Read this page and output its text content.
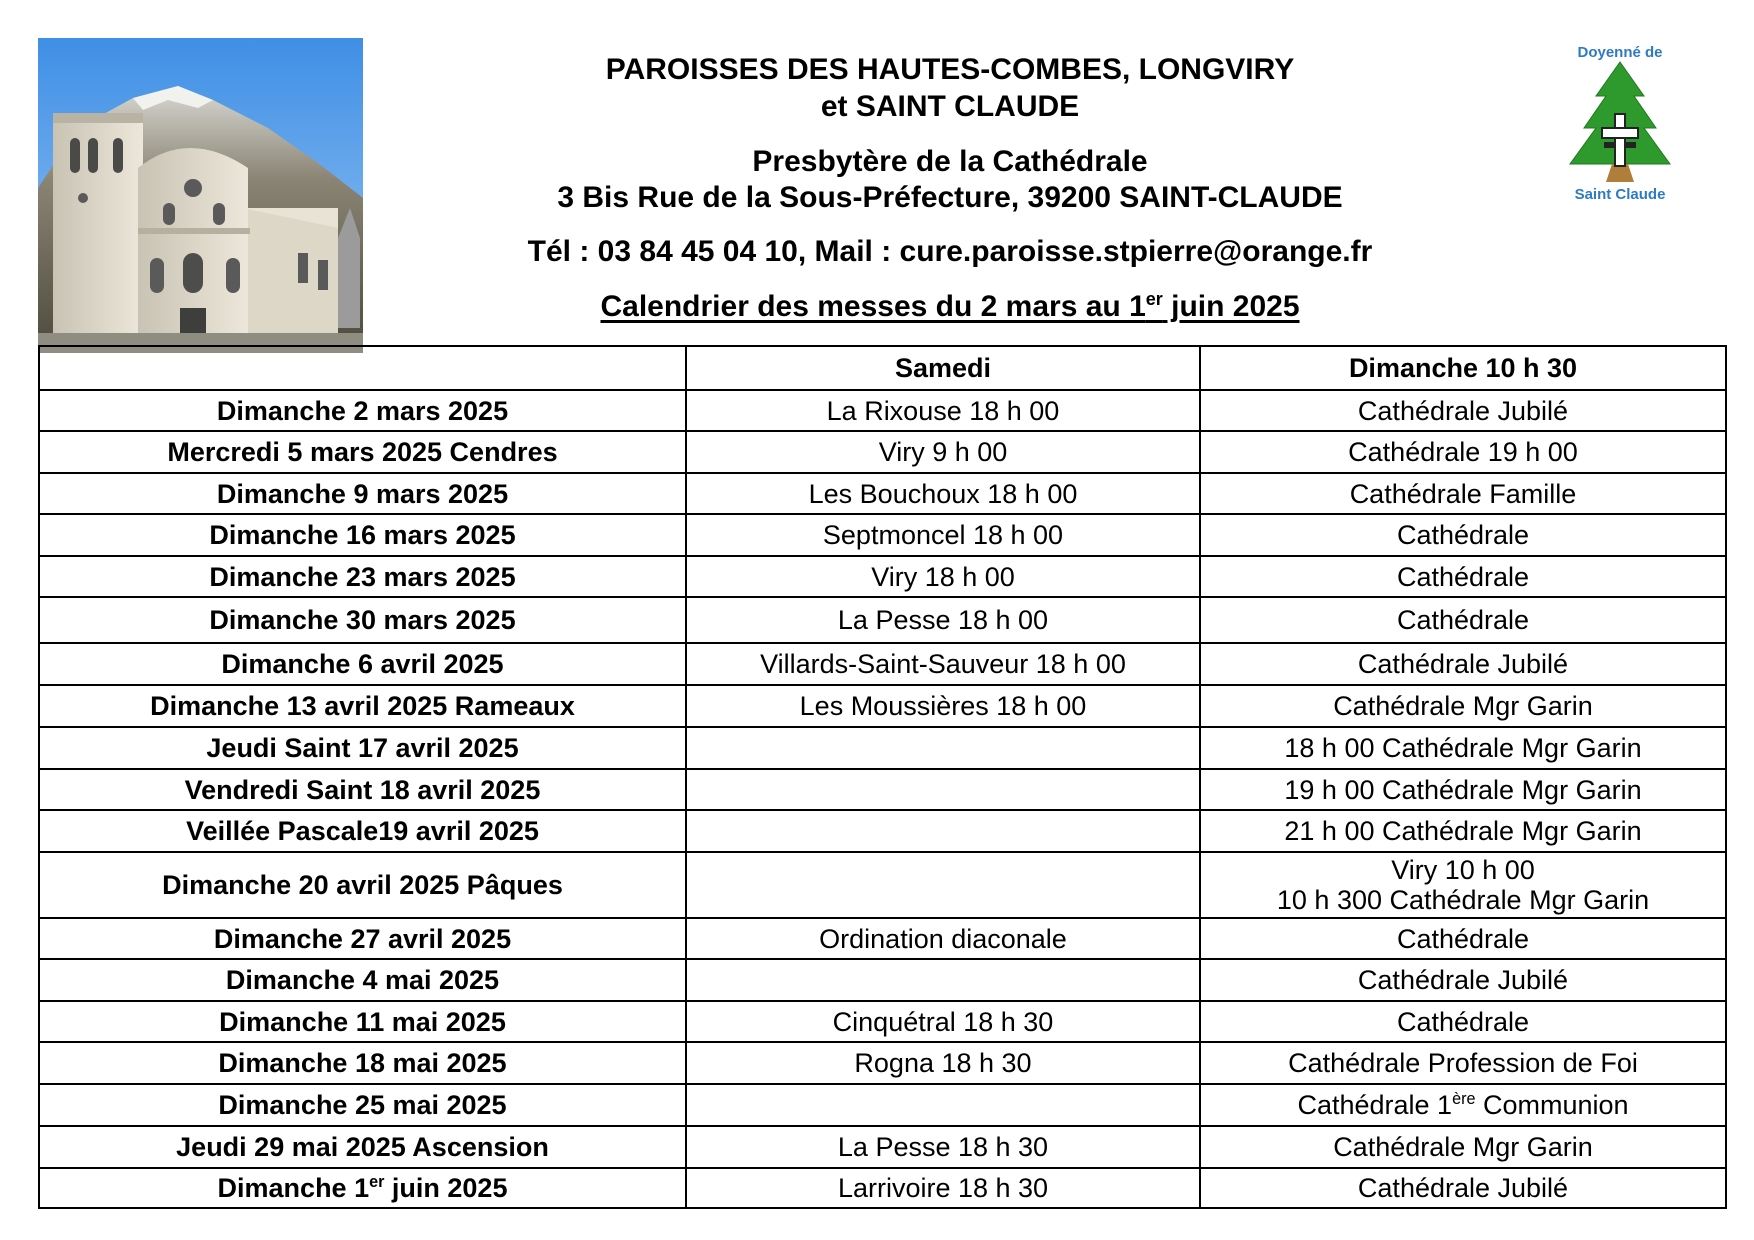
PAROISSES DES HAUTES-COMBES, LONGVIRY
et SAINT CLAUDE
Presbytère de la Cathédrale
3 Bis Rue de la Sous-Préfecture, 39200 SAINT-CLAUDE
Tél : 03 84 45 04 10, Mail : cure.paroisse.stpierre@orange.fr
Calendrier des messes du 2 mars au 1er juin 2025
Doyenné de
Saint Claude
	Samedi	Dimanche 10 h 30
Dimanche 2 mars 2025	La Rixouse 18 h 00	Cathédrale Jubilé
Mercredi 5 mars 2025 Cendres	Viry 9 h 00	Cathédrale 19 h 00
Dimanche 9 mars 2025	Les Bouchoux 18 h 00	Cathédrale Famille
Dimanche 16 mars 2025	Septmoncel 18 h 00	Cathédrale
Dimanche 23 mars 2025	Viry 18 h 00	Cathédrale
Dimanche 30 mars 2025	La Pesse 18 h 00	Cathédrale
Dimanche 6 avril 2025	Villards-Saint-Sauveur 18 h 00	Cathédrale Jubilé
Dimanche 13 avril 2025 Rameaux	Les Moussières 18 h 00	Cathédrale Mgr Garin
Jeudi Saint 17 avril 2025		18 h 00 Cathédrale Mgr Garin
Vendredi Saint 18 avril 2025		19 h 00 Cathédrale Mgr Garin
Veillée Pascale19 avril 2025		21 h 00 Cathédrale Mgr Garin
Dimanche 20 avril 2025 Pâques		Viry 10 h 00
10 h 300 Cathédrale Mgr Garin

Dimanche 27 avril 2025	Ordination diaconale	Cathédrale
Dimanche 4 mai 2025		Cathédrale Jubilé
Dimanche 11 mai 2025	Cinquétral 18 h 30	Cathédrale
Dimanche 18 mai 2025	Rogna 18 h 30	Cathédrale Profession de Foi
Dimanche 25 mai 2025		Cathédrale 1ère Communion
Jeudi 29 mai 2025 Ascension	La Pesse 18 h 30	Cathédrale Mgr Garin
Dimanche 1er juin 2025	Larrivoire 18 h 30	Cathédrale Jubilé
